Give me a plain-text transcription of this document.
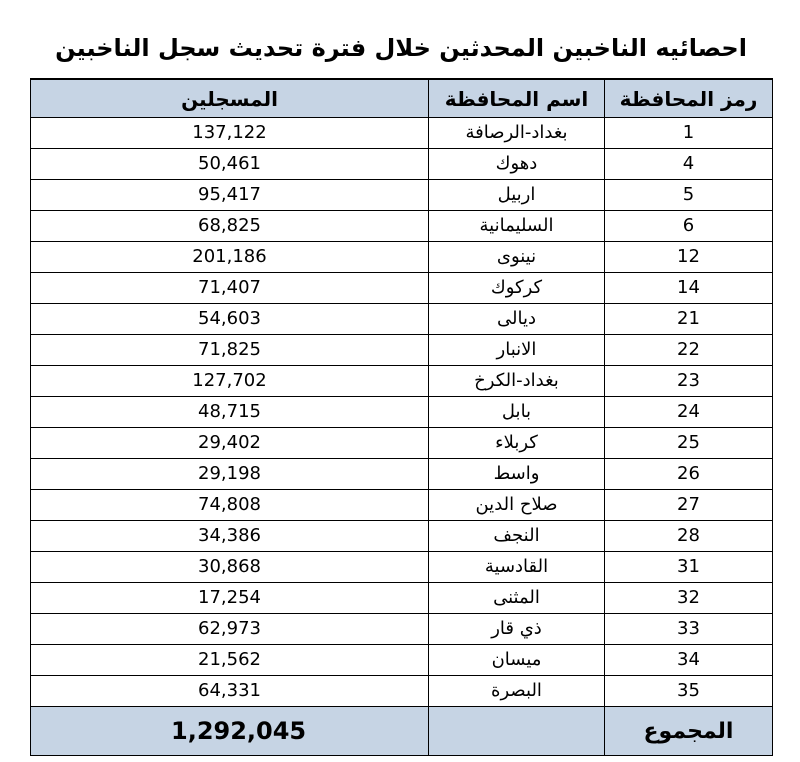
احصائيه الناخبين المحدثين خلال فترة تحديث سجل الناخبين
المسجلين	اسم المحافظة	رمز المحافظة
137,122	بغداد-الرصافة	1
50,461	دهوك	4
95,417	اربيل	5
68,825	السليمانية	6
201,186	نينوى	12
71,407	كركوك	14
54,603	ديالى	21
71,825	الانبار	22
127,702	بغداد-الكرخ	23
48,715	بابل	24
29,402	كربلاء	25
29,198	واسط	26
74,808	صلاح الدين	27
34,386	النجف	28
30,868	القادسية	31
17,254	المثنى	32
62,973	ذي قار	33
21,562	ميسان	34
64,331	البصرة	35
1,292,045		المجموع
